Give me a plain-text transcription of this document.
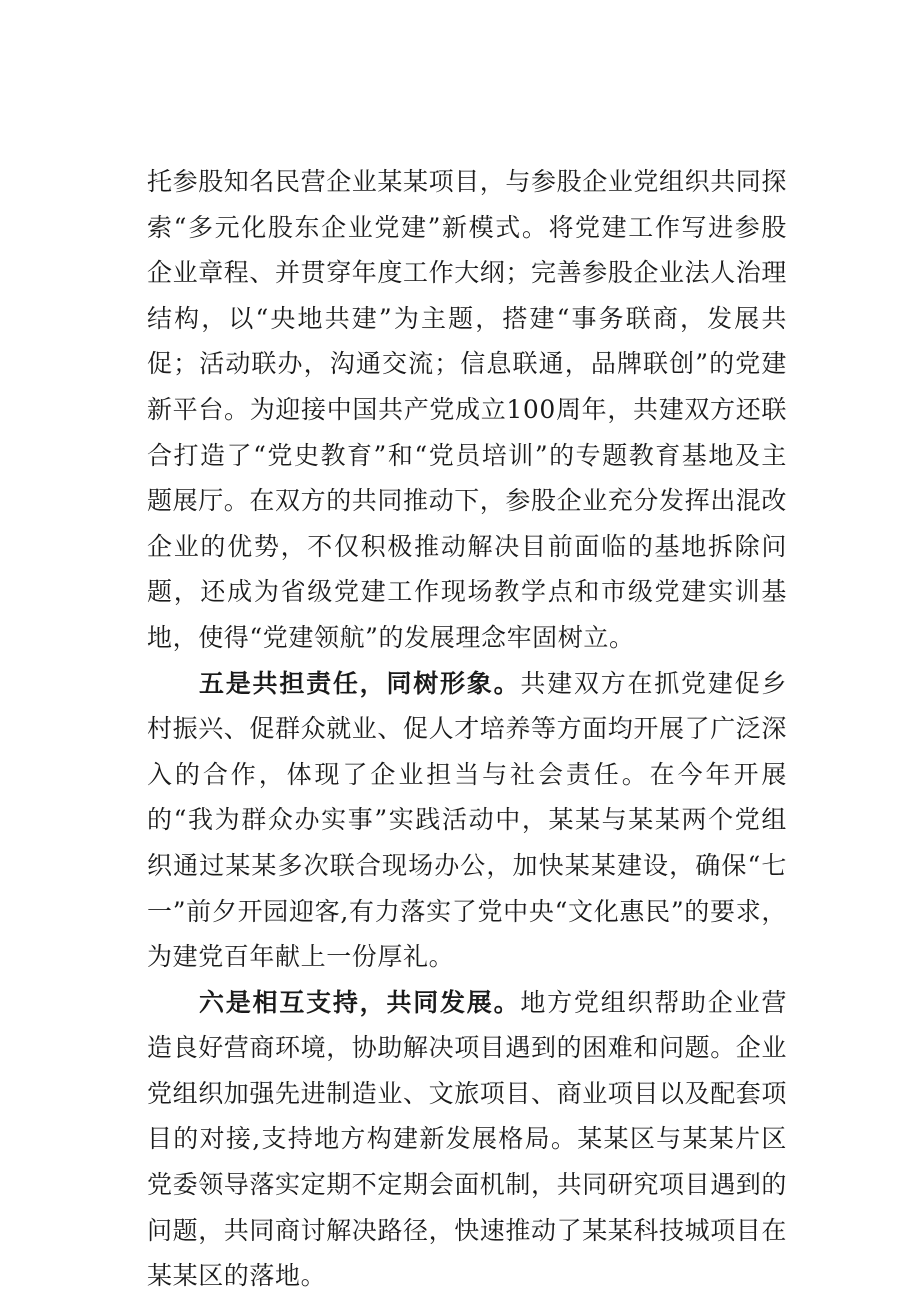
托参股知名民营企业某某项目，与参股企业党组织共同探索“多元化股东企业党建”新模式。将党建工作写进参股企业章程、并贯穿年度工作大纲；完善参股企业法人治理结构，以“央地共建”为主题，搭建“事务联商，发展共促；活动联办，沟通交流；信息联通，品牌联创”的党建新平台。为迎接中国共产党成立100周年，共建双方还联合打造了“党史教育”和“党员培训”的专题教育基地及主题展厅。在双方的共同推动下，参股企业充分发挥出混改企业的优势，不仅积极推动解决目前面临的基地拆除问题，还成为省级党建工作现场教学点和市级党建实训基地，使得“党建领航”的发展理念牢固树立。

五是共担责任，同树形象。共建双方在抓党建促乡村振兴、促群众就业、促人才培养等方面均开展了广泛深入的合作，体现了企业担当与社会责任。在今年开展的“我为群众办实事”实践活动中，某某与某某两个党组织通过某某多次联合现场办公，加快某某建设，确保“七一”前夕开园迎客,有力落实了党中央“文化惠民”的要求，为建党百年献上一份厚礼。

六是相互支持，共同发展。地方党组织帮助企业营造良好营商环境，协助解决项目遇到的困难和问题。企业党组织加强先进制造业、文旅项目、商业项目以及配套项目的对接,支持地方构建新发展格局。某某区与某某片区党委领导落实定期不定期会面机制，共同研究项目遇到的问题，共同商讨解决路径，快速推动了某某科技城项目在某某区的落地。
